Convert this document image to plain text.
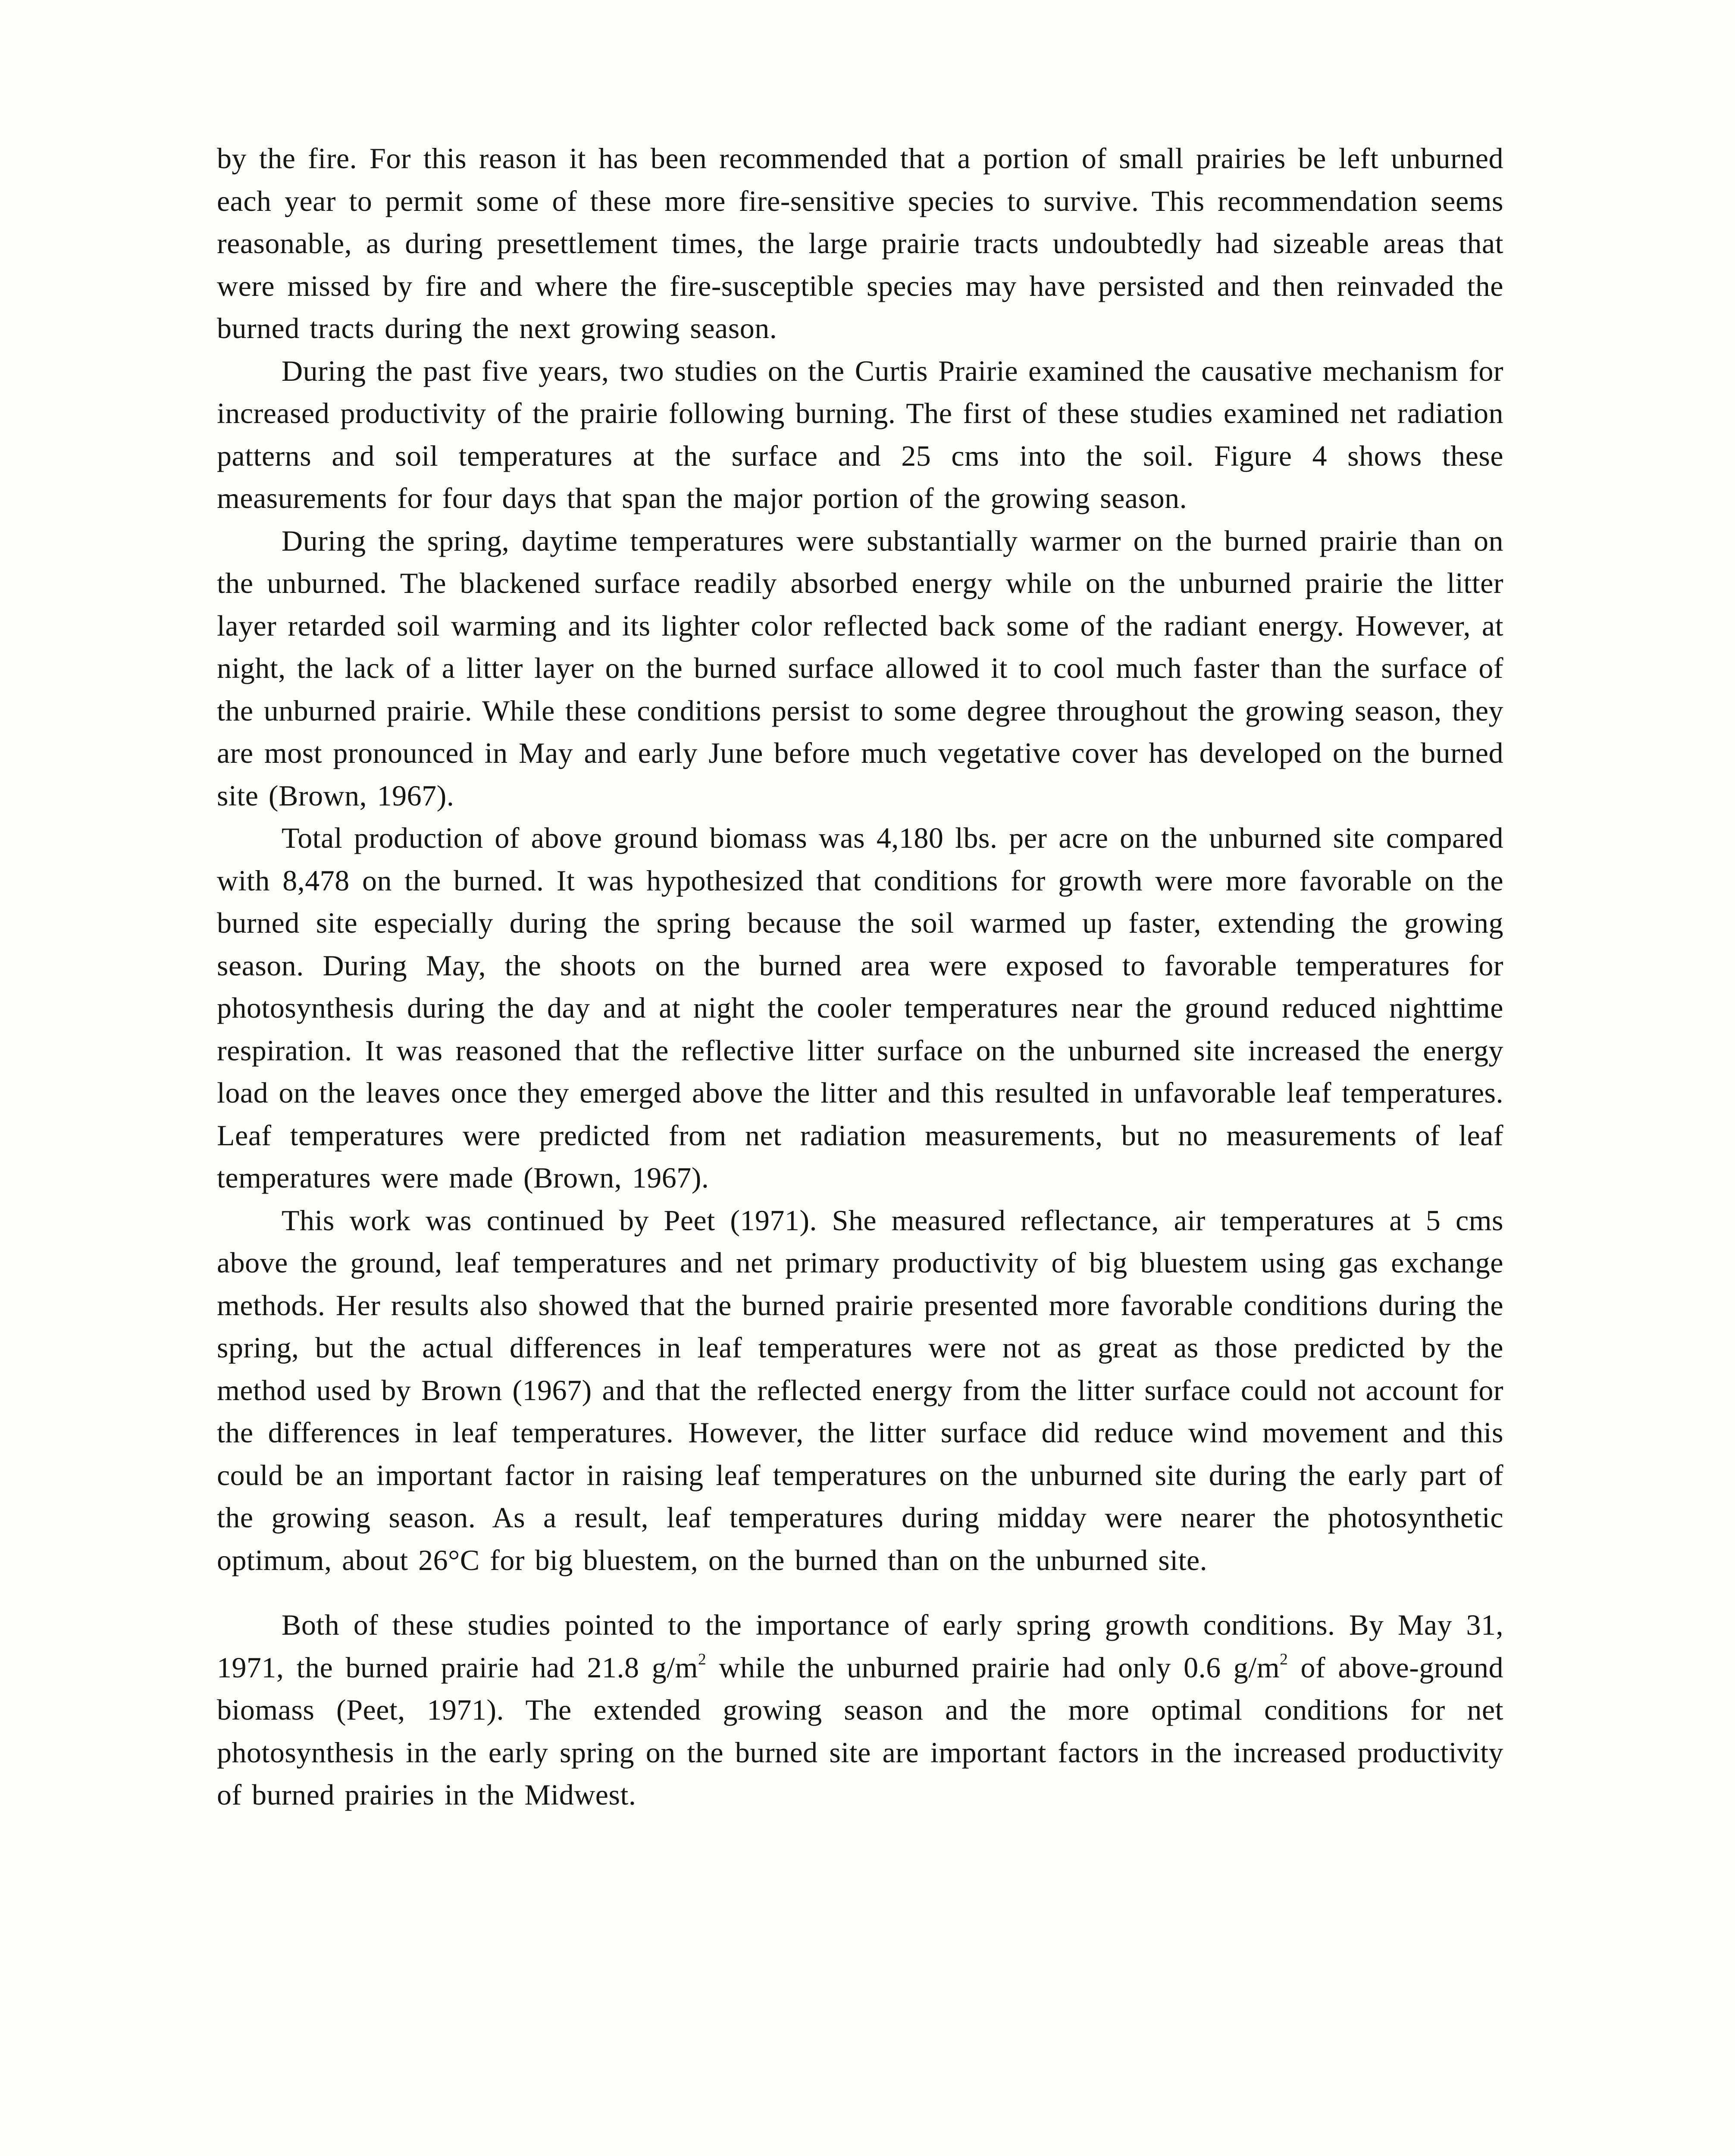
by the fire. For this reason it has been recommended that a portion of small prairies be left unburned each year to permit some of these more fire-sensitive species to survive. This recommendation seems reasonable, as during presettlement times, the large prairie tracts undoubtedly had sizeable areas that were missed by fire and where the fire-susceptible species may have persisted and then reinvaded the burned tracts during the next growing season.

During the past five years, two studies on the Curtis Prairie examined the causative mechanism for increased productivity of the prairie following burning. The first of these studies examined net radiation patterns and soil temperatures at the surface and 25 cms into the soil. Figure 4 shows these measurements for four days that span the major portion of the growing season.

During the spring, daytime temperatures were substantially warmer on the burned prairie than on the unburned. The blackened surface readily absorbed energy while on the unburned prairie the litter layer retarded soil warming and its lighter color reflected back some of the radiant energy. However, at night, the lack of a litter layer on the burned surface allowed it to cool much faster than the surface of the unburned prairie. While these conditions persist to some degree throughout the growing season, they are most pronounced in May and early June before much vegetative cover has developed on the burned site (Brown, 1967).

Total production of above ground biomass was 4,180 lbs. per acre on the unburned site compared with 8,478 on the burned. It was hypothesized that conditions for growth were more favorable on the burned site especially during the spring because the soil warmed up faster, extending the growing season. During May, the shoots on the burned area were exposed to favorable temperatures for photosynthesis during the day and at night the cooler temperatures near the ground reduced nighttime respiration. It was reasoned that the reflective litter surface on the unburned site increased the energy load on the leaves once they emerged above the litter and this resulted in unfavorable leaf temperatures. Leaf temperatures were predicted from net radiation measurements, but no measurements of leaf temperatures were made (Brown, 1967).

This work was continued by Peet (1971). She measured reflectance, air temperatures at 5 cms above the ground, leaf temperatures and net primary productivity of big bluestem using gas exchange methods. Her results also showed that the burned prairie presented more favorable conditions during the spring, but the actual differences in leaf temperatures were not as great as those predicted by the method used by Brown (1967) and that the reflected energy from the litter surface could not account for the differences in leaf temperatures. However, the litter surface did reduce wind movement and this could be an important factor in raising leaf temperatures on the unburned site during the early part of the growing season. As a result, leaf temperatures during midday were nearer the photosynthetic optimum, about 26°C for big bluestem, on the burned than on the unburned site.

Both of these studies pointed to the importance of early spring growth conditions. By May 31, 1971, the burned prairie had 21.8 $g/m^2$ while the unburned prairie had only 0.6 $g/m^2$ of above-ground biomass (Peet, 1971). The extended growing season and the more optimal conditions for net photosynthesis in the early spring on the burned site are important factors in the increased productivity of burned prairies in the Midwest.
